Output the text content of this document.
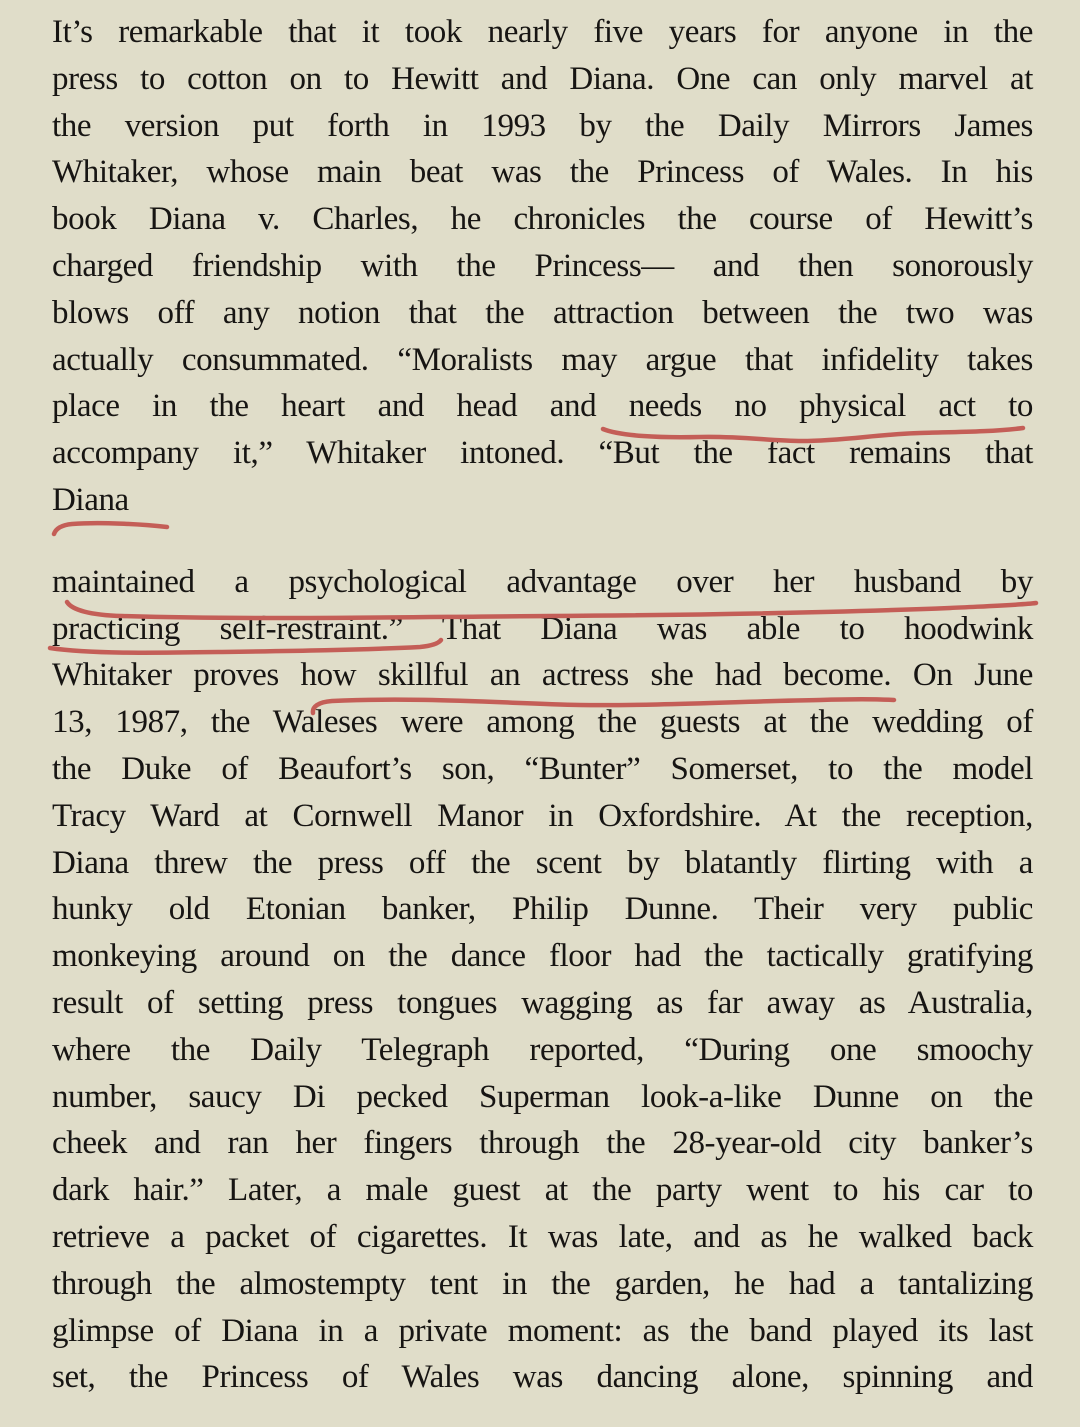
It’s remarkable that it took nearly five years for anyone in the
press to cotton on to Hewitt and Diana. One can only marvel at
the version put forth in 1993 by the Daily Mirrors James
Whitaker, whose main beat was the Princess of Wales. In his
book Diana v. Charles, he chronicles the course of Hewitt’s
charged friendship with the Princess— and then sonorously
blows off any notion that the attraction between the two was
actually consummated. “Moralists may argue that infidelity takes
place in the heart and head and needs no physical act to
accompany it,” Whitaker intoned. “But the fact remains that
Diana
maintained a psychological advantage over her husband by
practicing self-restraint.” That Diana was able to hoodwink
Whitaker proves how skillful an actress she had become. On June
13, 1987, the Waleses were among the guests at the wedding of
the Duke of Beaufort’s son, “Bunter” Somerset, to the model
Tracy Ward at Cornwell Manor in Oxfordshire. At the reception,
Diana threw the press off the scent by blatantly flirting with a
hunky old Etonian banker, Philip Dunne. Their very public
monkeying around on the dance floor had the tactically gratifying
result of setting press tongues wagging as far away as Australia,
where the Daily Telegraph reported, “During one smoochy
number, saucy Di pecked Superman look-a-like Dunne on the
cheek and ran her fingers through the 28-year-old city banker’s
dark hair.” Later, a male guest at the party went to his car to
retrieve a packet of cigarettes. It was late, and as he walked back
through the almostempty tent in the garden, he had a tantalizing
glimpse of Diana in a private moment: as the band played its last
set, the Princess of Wales was dancing alone, spinning and
